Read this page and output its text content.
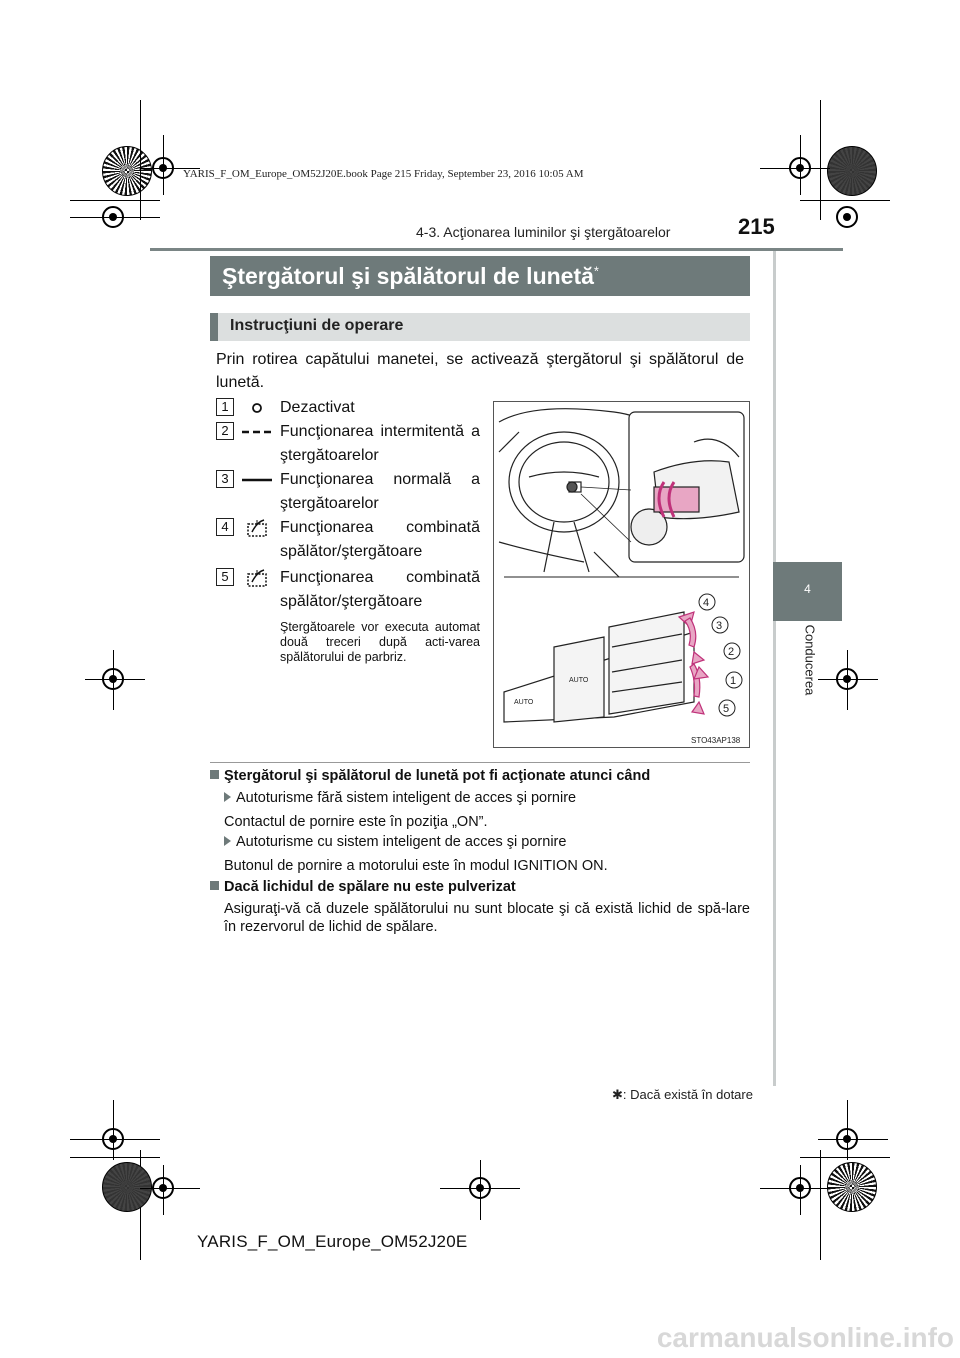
YARIS_F_OM_Europe_OM52J20E.book Page 215 Friday, September 23, 2016 10:05 AM
4-3. Acţionarea luminilor şi ştergătoarelor	215
4
Conducerea
Ştergătorul şi spălătorul de lunetă*
Instrucţiuni de operare
Prin rotirea capătului manetei, se activează ştergătorul şi spălătorul de lunetă.
1	Dezactivat
2	Funcţionarea intermitentă a ştergătoarelor
3	Funcţionarea normală a ştergătoarelor
4	Funcţionarea combinată spălător/ştergătoare
5	Funcţionarea combinată spălător/ştergătoare
Ştergătoarele vor executa automat două treceri după acti-varea spălătorului de parbriz.
AUTO
AUTO
4
3
2
1
5
STO43AP138
Ştergătorul şi spălătorul de lunetă pot fi acţionate atunci când
Autoturisme fără sistem inteligent de acces şi pornire
Contactul de pornire este în poziţia „ON”.
Autoturisme cu sistem inteligent de acces şi pornire
Butonul de pornire a motorului este în modul IGNITION ON.
Dacă lichidul de spălare nu este pulverizat
Asiguraţi-vă că duzele spălătorului nu sunt blocate şi că există lichid de spă-lare în rezervorul de lichid de spălare.
✱: Dacă există în dotare
YARIS_F_OM_Europe_OM52J20E
carmanualsonline.info
